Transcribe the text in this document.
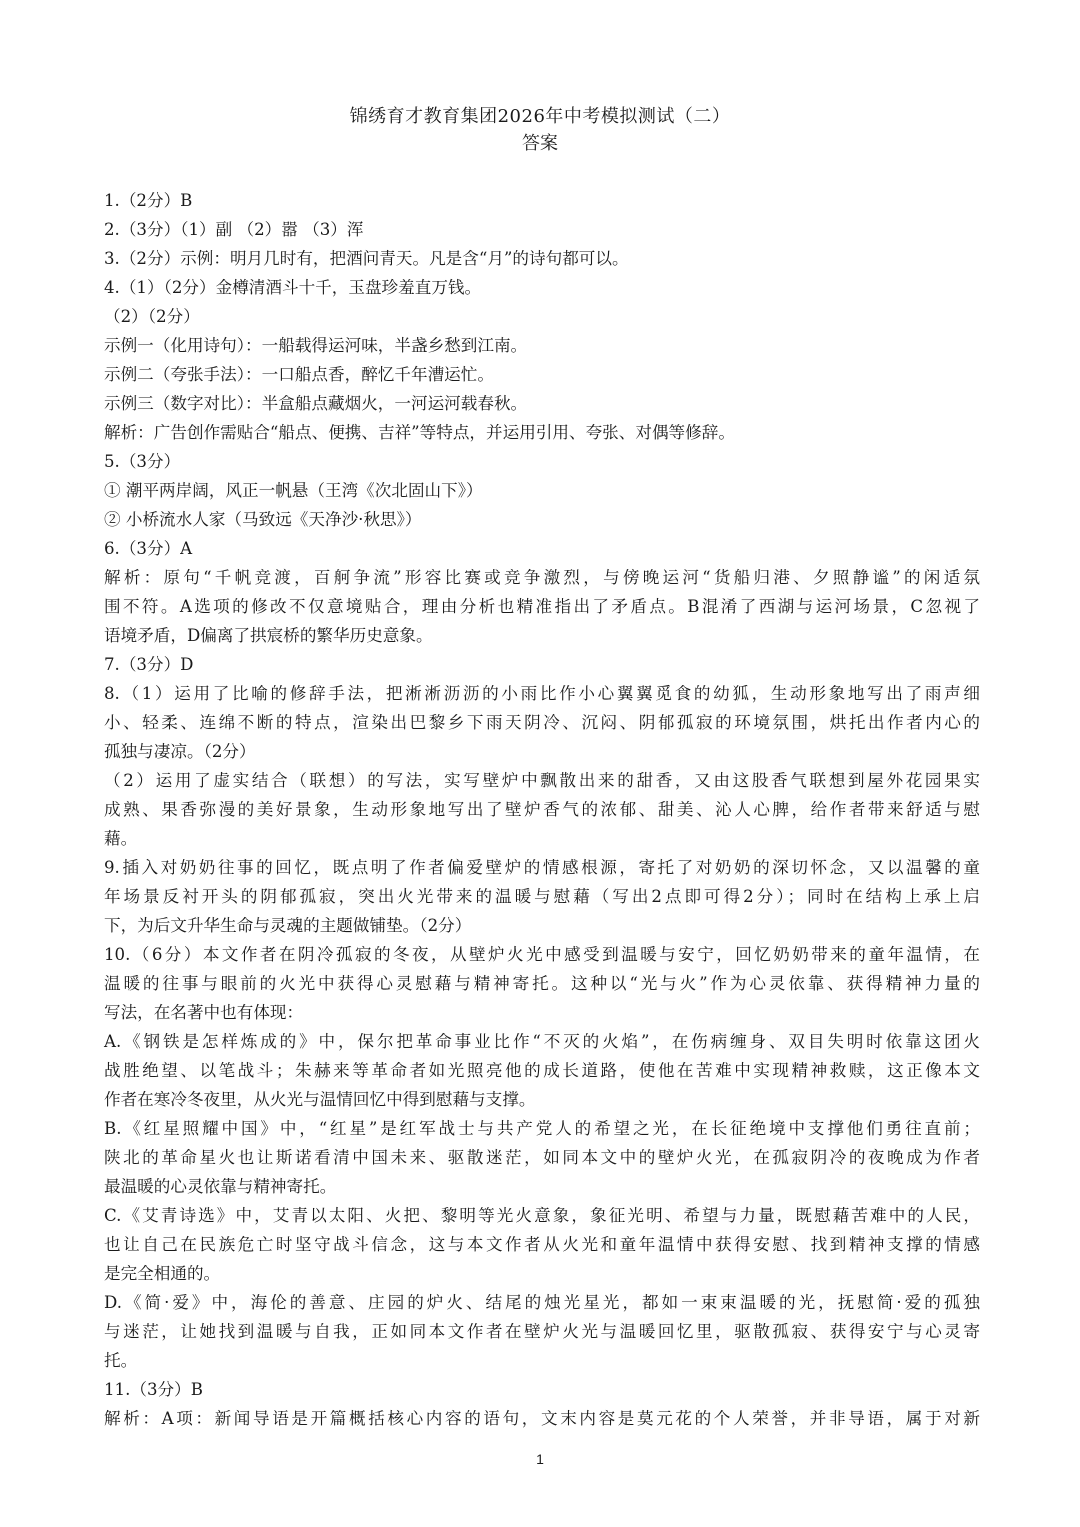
锦绣育才教育集团2026年中考模拟测试（二）
答案
1.（2分）B
2.（3分）（1）副 （2）嚣 （3）浑
3.（2分）示例：明月几时有，把酒问青天。凡是含“月”的诗句都可以。
4.（1）（2分）金樽清酒斗十千，玉盘珍羞直万钱。
（2）（2分）
示例一（化用诗句）：一船载得运河味，半盏乡愁到江南。
示例二（夸张手法）：一口船点香，醉忆千年漕运忙。
示例三（数字对比）：半盒船点藏烟火，一河运河载春秋。
解析：广告创作需贴合“船点、便携、吉祥”等特点，并运用引用、夸张、对偶等修辞。
5.（3分）
① 潮平两岸阔，风正一帆悬（王湾《次北固山下》）
② 小桥流水人家（马致远《天净沙·秋思》）
6.（3分）A
解析：原句“千帆竞渡，百舸争流”形容比赛或竞争激烈，与傍晚运河“货船归港、夕照静谧”的闲适氛
围不符。A选项的修改不仅意境贴合，理由分析也精准指出了矛盾点。B混淆了西湖与运河场景，C忽视了
语境矛盾，D偏离了拱宸桥的繁华历史意象。
7.（3分）D
8.（1）运用了比喻的修辞手法，把淅淅沥沥的小雨比作小心翼翼觅食的幼狐，生动形象地写出了雨声细
小、轻柔、连绵不断的特点，渲染出巴黎乡下雨天阴冷、沉闷、阴郁孤寂的环境氛围，烘托出作者内心的
孤独与凄凉。（2分）
（2）运用了虚实结合（联想）的写法，实写壁炉中飘散出来的甜香，又由这股香气联想到屋外花园果实
成熟、果香弥漫的美好景象，生动形象地写出了壁炉香气的浓郁、甜美、沁人心脾，给作者带来舒适与慰
藉。
9.插入对奶奶往事的回忆，既点明了作者偏爱壁炉的情感根源，寄托了对奶奶的深切怀念，又以温馨的童
年场景反衬开头的阴郁孤寂，突出火光带来的温暖与慰藉（写出2点即可得2分）；同时在结构上承上启
下，为后文升华生命与灵魂的主题做铺垫。（2分）
10.（6分）本文作者在阴冷孤寂的冬夜，从壁炉火光中感受到温暖与安宁，回忆奶奶带来的童年温情，在
温暖的往事与眼前的火光中获得心灵慰藉与精神寄托。这种以“光与火”作为心灵依靠、获得精神力量的
写法，在名著中也有体现：
A.《钢铁是怎样炼成的》中，保尔把革命事业比作“不灭的火焰”，在伤病缠身、双目失明时依靠这团火
战胜绝望、以笔战斗；朱赫来等革命者如光照亮他的成长道路，使他在苦难中实现精神救赎，这正像本文
作者在寒冷冬夜里，从火光与温情回忆中得到慰藉与支撑。
B.《红星照耀中国》中，“红星”是红军战士与共产党人的希望之光，在长征绝境中支撑他们勇往直前；
陕北的革命星火也让斯诺看清中国未来、驱散迷茫，如同本文中的壁炉火光，在孤寂阴冷的夜晚成为作者
最温暖的心灵依靠与精神寄托。
C.《艾青诗选》中，艾青以太阳、火把、黎明等光火意象，象征光明、希望与力量，既慰藉苦难中的人民，
也让自己在民族危亡时坚守战斗信念，这与本文作者从火光和童年温情中获得安慰、找到精神支撑的情感
是完全相通的。
D.《简·爱》中，海伦的善意、庄园的炉火、结尾的烛光星光，都如一束束温暖的光，抚慰简·爱的孤独
与迷茫，让她找到温暖与自我，正如同本文作者在壁炉火光与温暖回忆里，驱散孤寂、获得安宁与心灵寄
托。
11.（3分）B
解析：A项：新闻导语是开篇概括核心内容的语句，文末内容是莫元花的个人荣誉，并非导语，属于对新
1
